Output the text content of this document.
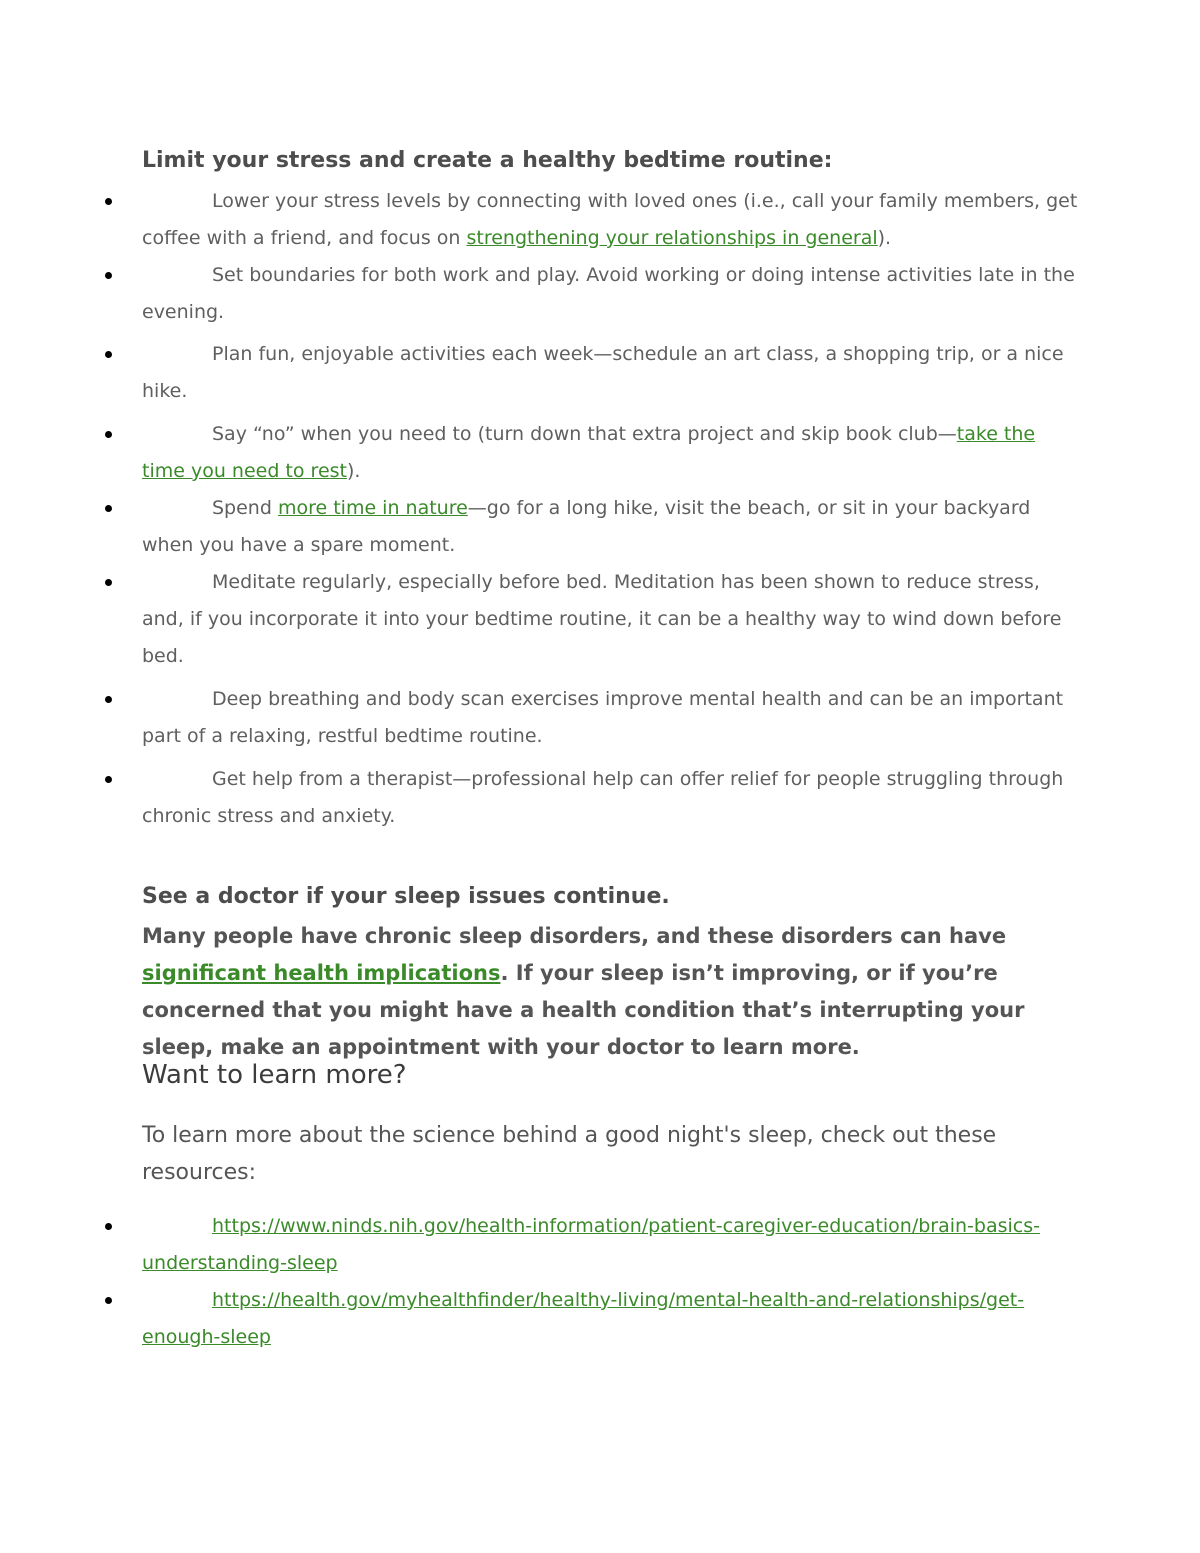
Limit your stress and create a healthy bedtime routine:
Lower your stress levels by connecting with loved ones (i.e., call your family members, get coffee with a friend, and focus on strengthening your relationships in general).
Set boundaries for both work and play. Avoid working or doing intense activities late in the evening.
Plan fun, enjoyable activities each week—schedule an art class, a shopping trip, or a nice hike.
Say “no” when you need to (turn down that extra project and skip book club—take the time you need to rest).
Spend more time in nature—go for a long hike, visit the beach, or sit in your backyard when you have a spare moment.
Meditate regularly, especially before bed. Meditation has been shown to reduce stress, and, if you incorporate it into your bedtime routine, it can be a healthy way to wind down before bed.
Deep breathing and body scan exercises improve mental health and can be an important part of a relaxing, restful bedtime routine.
Get help from a therapist—professional help can offer relief for people struggling through chronic stress and anxiety.
See a doctor if your sleep issues continue.

Many people have chronic sleep disorders, and these disorders can have significant health implications. If your sleep isn’t improving, or if you’re concerned that you might have a health condition that’s interrupting your sleep, make an appointment with your doctor to learn more.

Want to learn more?

To learn more about the science behind a good night's sleep, check out these resources:

https://www.ninds.nih.gov/health-information/patient-caregiver-education/brain-basics-understanding-sleep
https://health.gov/myhealthfinder/healthy-living/mental-health-and-relationships/get-enough-sleep
